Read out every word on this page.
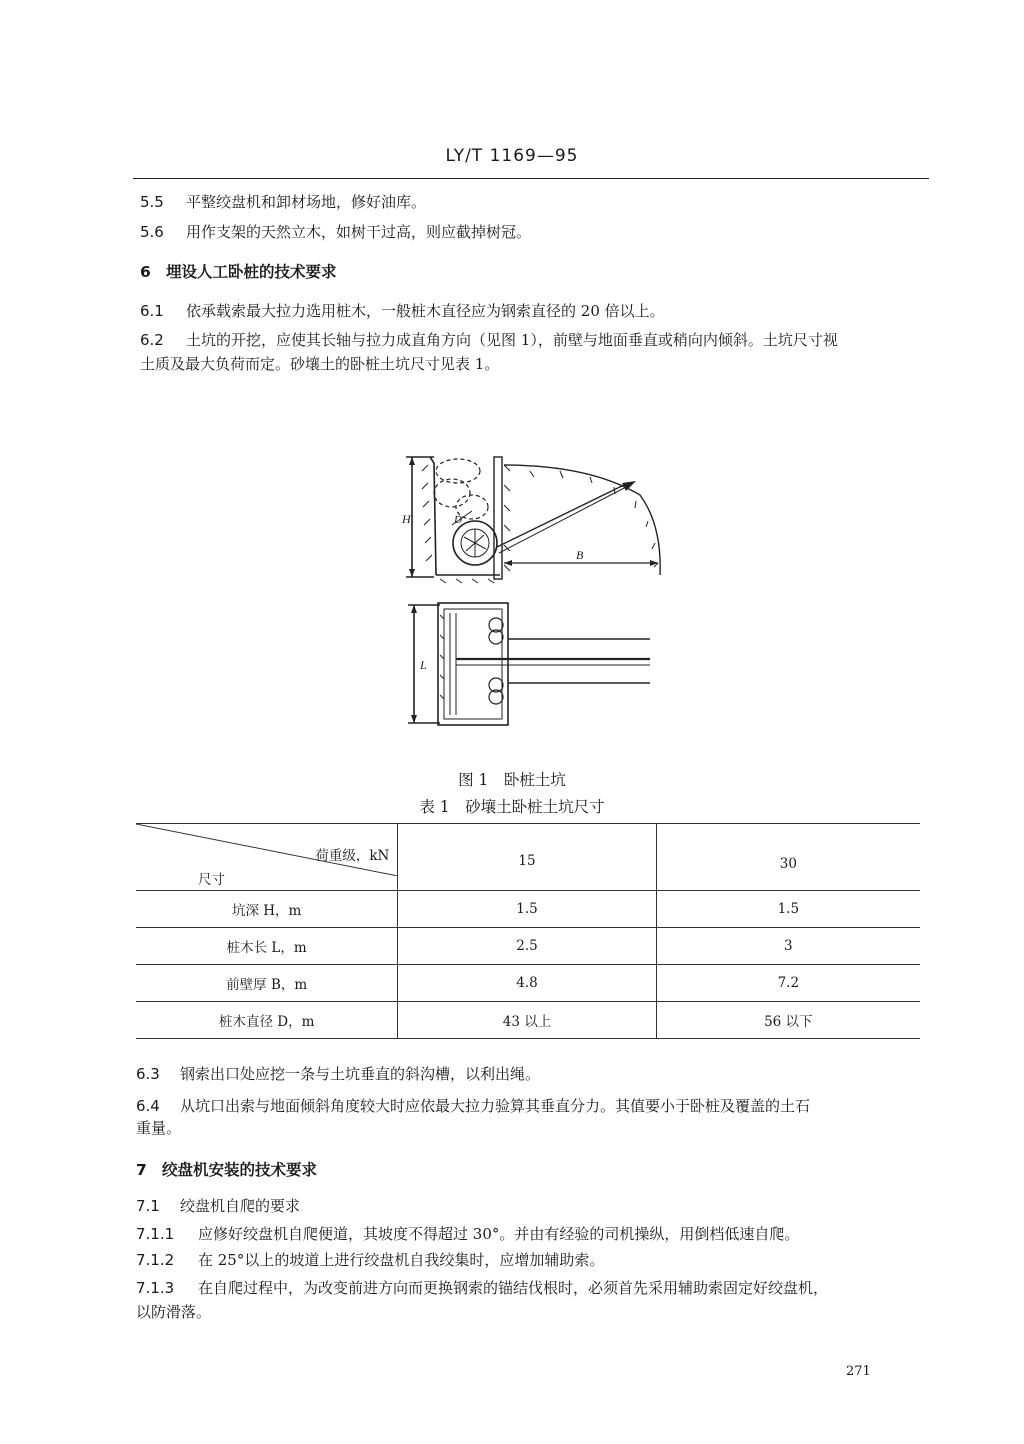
LY/T 1169—95
5.5 平整绞盘机和卸材场地，修好油库。
5.6 用作支架的天然立木，如树干过高，则应截掉树冠。
6 埋设人工卧桩的技术要求
6.1 依承载索最大拉力选用桩木，一般桩木直径应为钢索直径的 20 倍以上。
6.2 土坑的开挖，应使其长轴与拉力成直角方向（见图 1），前壁与地面垂直或稍向内倾斜。土坑尺寸视
土质及最大负荷而定。砂壤土的卧桩土坑尺寸见表 1。
H	D
B
L
图 1　卧桩土坑
表 1　砂壤土卧桩土坑尺寸
荷重级，kN
尺寸	15	30
坑深 H，m	1.5	1.5
桩木长 L，m	2.5	3
前壁厚 B，m	4.8	7.2
桩木直径 D，m	43 以上	56 以下
6.3 钢索出口处应挖一条与土坑垂直的斜沟槽，以利出绳。
6.4 从坑口出索与地面倾斜角度较大时应依最大拉力验算其垂直分力。其值要小于卧桩及覆盖的土石
重量。
7 绞盘机安装的技术要求
7.1 绞盘机自爬的要求
7.1.1 应修好绞盘机自爬便道，其坡度不得超过 30°。并由有经验的司机操纵，用倒档低速自爬。
7.1.2 在 25°以上的坡道上进行绞盘机自我绞集时，应增加辅助索。
7.1.3 在自爬过程中，为改变前进方向而更换钢索的锚结伐根时，必须首先采用辅助索固定好绞盘机，
以防滑落。
271
